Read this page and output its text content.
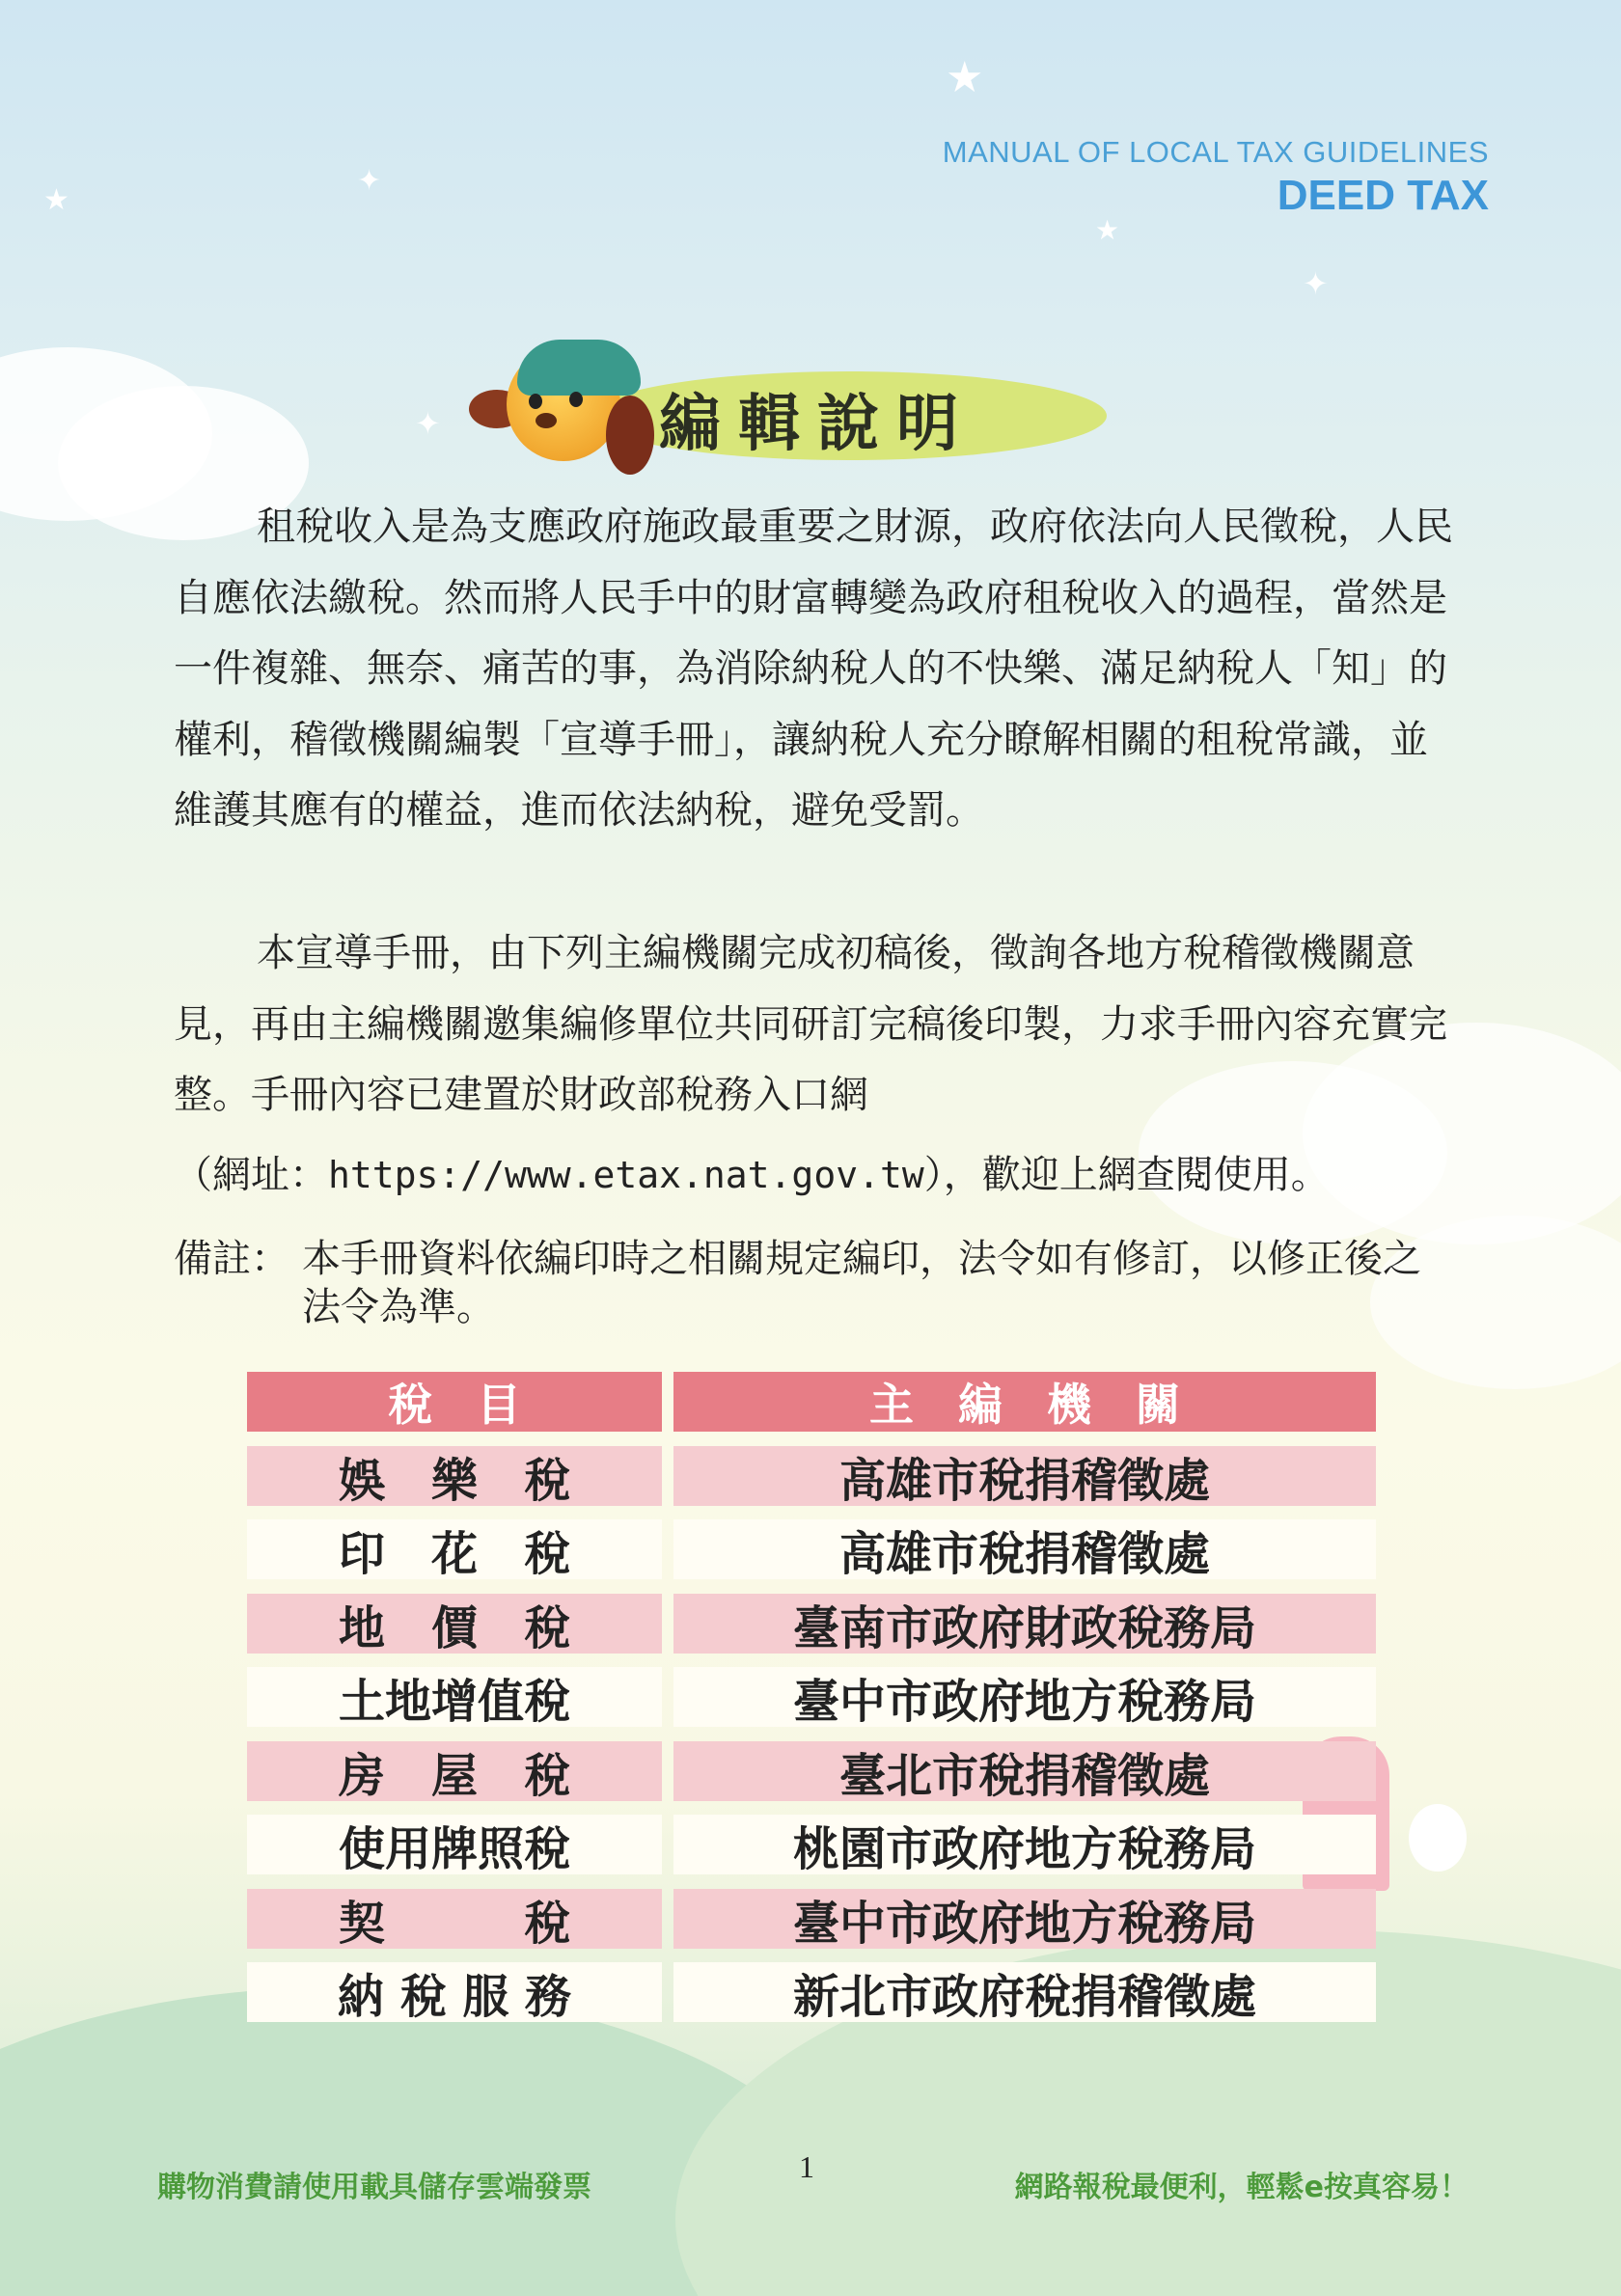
★
★
✦
★
✦
✦
MANUAL OF LOCAL TAX GUIDELINES
DEED TAX
編輯說明
租稅收入是為支應政府施政最重要之財源，政府依法向人民徵稅，人民自應依法繳稅。然而將人民手中的財富轉變為政府租稅收入的過程，當然是一件複雜、無奈、痛苦的事，為消除納稅人的不快樂、滿足納稅人「知」的權利，稽徵機關編製「宣導手冊」，讓納稅人充分瞭解相關的租稅常識，並維護其應有的權益，進而依法納稅，避免受罰。
本宣導手冊，由下列主編機關完成初稿後，徵詢各地方稅稽徵機關意見，再由主編機關邀集編修單位共同研訂完稿後印製，力求手冊內容充實完整。手冊內容已建置於財政部稅務入口網
（網址：https://www.etax.nat.gov.tw），歡迎上網查閱使用。
備註： 本手冊資料依編印時之相關規定編印，法令如有修訂，以修正後之法令為準。
稅　目	主　編　機　關
娛　樂　稅	高雄市稅捐稽徵處
印　花　稅	高雄市稅捐稽徵處
地　價　稅	臺南市政府財政稅務局
土地增值稅	臺中市政府地方稅務局
房　屋　稅	臺北市稅捐稽徵處
使用牌照稅	桃園市政府地方稅務局
契　　　稅	臺中市政府地方稅務局
納 稅 服 務	新北市政府稅捐稽徵處
購物消費請使用載具儲存雲端發票
1
網路報稅最便利，輕鬆e按真容易！
